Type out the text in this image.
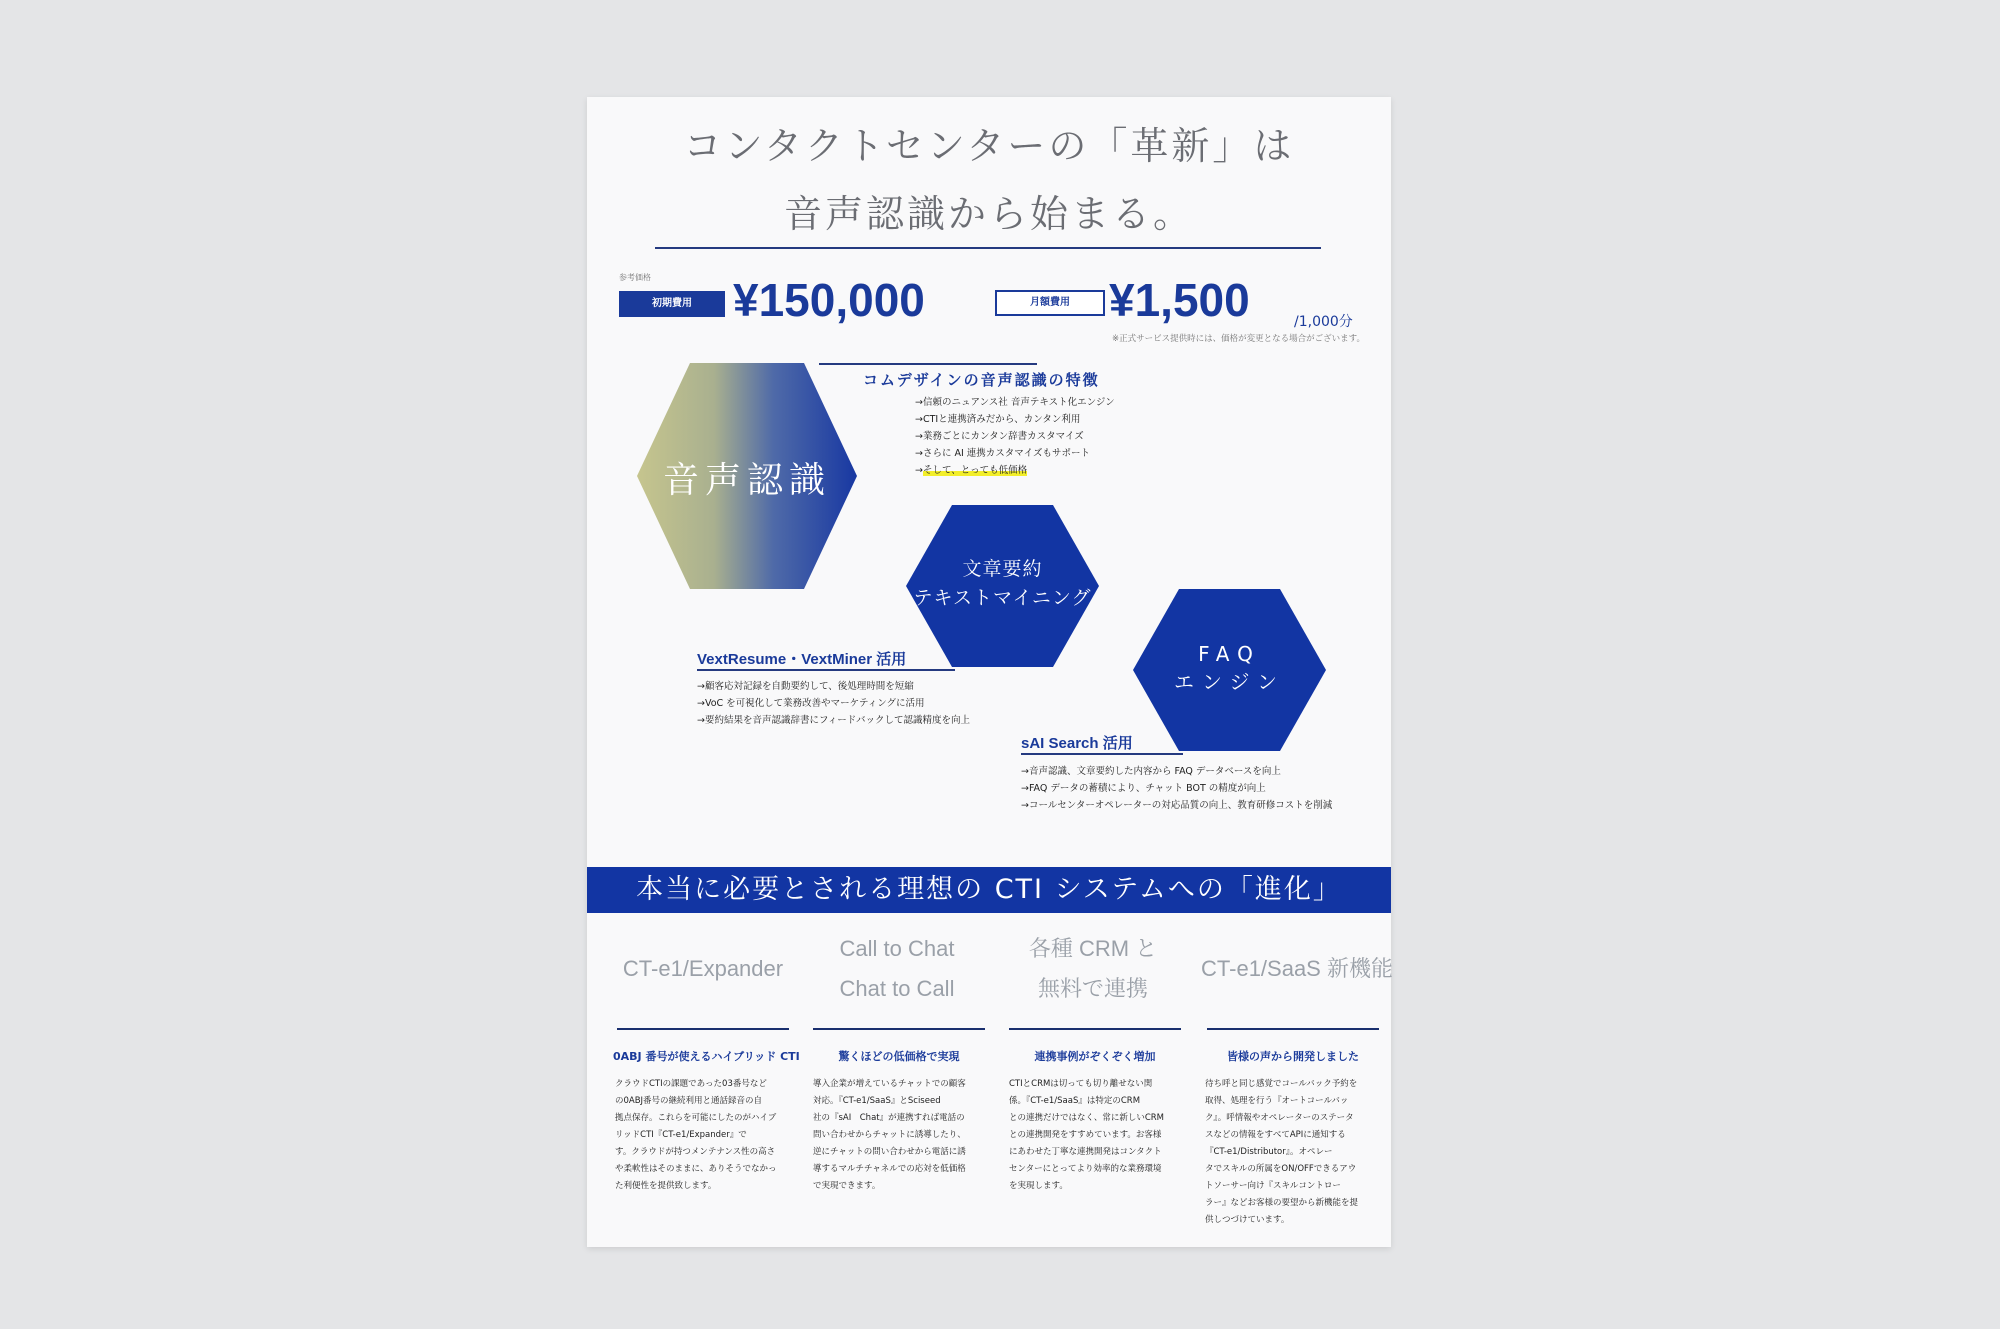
コンタクトセンターの「革新」は
音声認識から始まる。
参考価格
初期費用 ¥150,000	月額費用 ¥1,500	/1,000分
※正式サービス提供時には、価格が変更となる場合がございます。
音声認識
コムデザインの音声認識の特徴
→信頼のニュアンス社 音声テキスト化エンジン
→CTIと連携済みだから、カンタン利用
→業務ごとにカンタン辞書カスタマイズ
→さらに AI 連携カスタマイズもサポート
→そして、とっても低価格
文章要約
テキストマイニング
FAQ
エンジン
VextResume・VextMiner 活用
→顧客応対記録を自動要約して、後処理時間を短縮
→VoC を可視化して業務改善やマーケティングに活用
→要約結果を音声認識辞書にフィードバックして認識精度を向上
sAI Search 活用
→音声認識、文章要約した内容から FAQ データベースを向上
→FAQ データの蓄積により、チャット BOT の精度が向上
→コールセンターオペレーターの対応品質の向上、教育研修コストを削減
本当に必要とされる理想の CTI システムへの「進化」
CT-e1/Expander
Call to Chat
Chat to Call
各種 CRM と
無料で連携
CT-e1/SaaS 新機能
0ABJ 番号が使えるハイブリッド CTI	驚くほどの低価格で実現	連携事例がぞくぞく増加	皆様の声から開発しました
クラウドCTIの課題であった03番号など
の0ABJ番号の継続利用と通話録音の自
拠点保存。これらを可能にしたのがハイブ
リッドCTI『CT-e1/Expander』で
す。クラウドが持つメンテナンス性の高さ
や柔軟性はそのままに、ありそうでなかっ
た利便性を提供致します。
導入企業が増えているチャットでの顧客
対応。『CT-e1/SaaS』とSciseed
社の『sAI　Chat』が連携すれば電話の
問い合わせからチャットに誘導したり、
逆にチャットの問い合わせから電話に誘
導するマルチチャネルでの応対を低価格
で実現できます。
CTIとCRMは切っても切り離せない関
係。『CT-e1/SaaS』は特定のCRM
との連携だけではなく、常に新しいCRM
との連携開発をすすめています。お客様
にあわせた丁寧な連携開発はコンタクト
センターにとってより効率的な業務環境
を実現します。
待ち呼と同じ感覚でコールバック予約を
取得、処理を行う『オートコールバッ
ク』。呼情報やオペレーターのステータ
スなどの情報をすべてAPIに通知する
『CT-e1/Distributor』。オペレー
タでスキルの所属をON/OFFできるアウ
トソーサー向け『スキルコントロー
ラー』などお客様の要望から新機能を提
供しつづけています。
